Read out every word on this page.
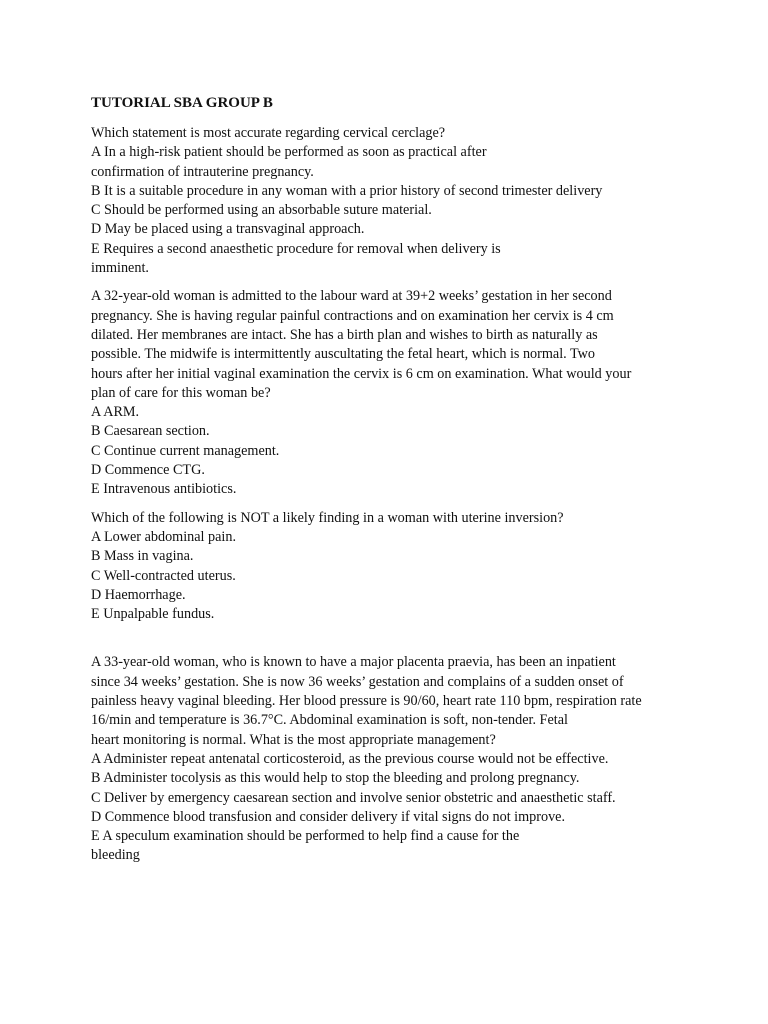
TUTORIAL SBA GROUP B
Which statement is most accurate regarding cervical cerclage?
A In a high-risk patient should be performed as soon as practical after
confirmation of intrauterine pregnancy.
B It is a suitable procedure in any woman with a prior history of second trimester delivery
C Should be performed using an absorbable suture material.
D May be placed using a transvaginal approach.
E Requires a second anaesthetic procedure for removal when delivery is
imminent.
A 32-year-old woman is admitted to the labour ward at 39+2 weeks’ gestation in her second
pregnancy. She is having regular painful contractions and on examination her cervix is 4 cm
dilated. Her membranes are intact. She has a birth plan and wishes to birth as naturally as
possible. The midwife is intermittently auscultating the fetal heart, which is normal. Two
hours after her initial vaginal examination the cervix is 6 cm on examination. What would your
plan of care for this woman be?
A ARM.
B Caesarean section.
C Continue current management.
D Commence CTG.
E Intravenous antibiotics.
Which of the following is NOT a likely finding in a woman with uterine inversion?
A Lower abdominal pain.
B Mass in vagina.
C Well-contracted uterus.
D Haemorrhage.
E Unpalpable fundus.
A 33-year-old woman, who is known to have a major placenta praevia, has been an inpatient
since 34 weeks’ gestation. She is now 36 weeks’ gestation and complains of a sudden onset of
painless heavy vaginal bleeding. Her blood pressure is 90/60, heart rate 110 bpm, respiration rate
16/min and temperature is 36.7°C. Abdominal examination is soft, non-tender. Fetal
heart monitoring is normal. What is the most appropriate management?
A Administer repeat antenatal corticosteroid, as the previous course would not be effective.
B Administer tocolysis as this would help to stop the bleeding and prolong pregnancy.
C Deliver by emergency caesarean section and involve senior obstetric and anaesthetic staff.
D Commence blood transfusion and consider delivery if vital signs do not improve.
E A speculum examination should be performed to help find a cause for the
bleeding
